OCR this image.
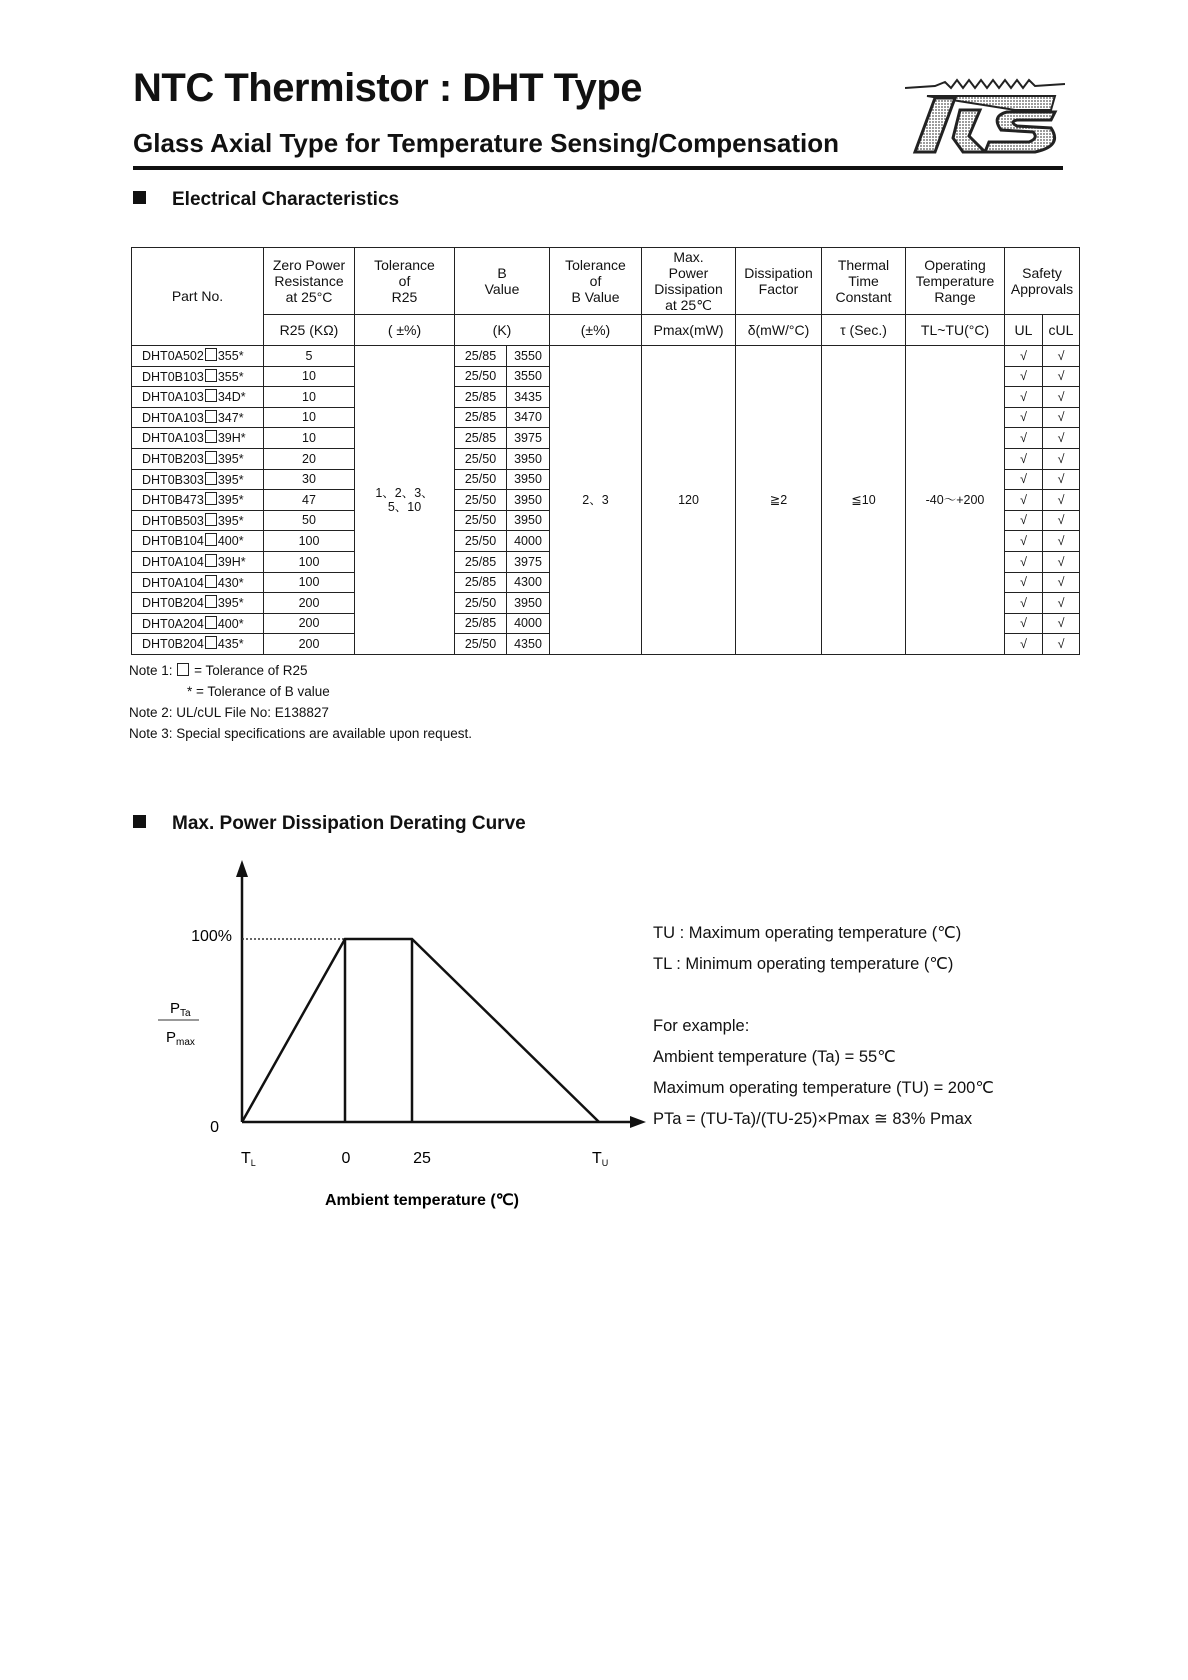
NTC Thermistor : DHT Type
Glass Axial Type for Temperature Sensing/Compensation
Electrical Characteristics
Part No.	Zero Power
Resistance
at 25°C	Tolerance
of
R25	B
Value		Tolerance
of
B Value	Max.
Power
Dissipation
at 25℃	Dissipation
Factor	Thermal
Time
Constant	Operating
Temperature
Range	Safety
Approvals	
	R25 (KΩ)	( ±%)	(K)		(±%)	Pmax(mW)	δ(mW/°C)	τ (Sec.)	TL~TU(°C)	UL	cUL
DHT0A502 355*	5	1、2、3、
5、10	25/85	3550	2、3	120	≧2	≦10	-40～+200	√	√
DHT0B103 355*	10		25/50	3550						√	√
DHT0A103 34D*	10		25/85	3435						√	√
DHT0A103 347*	10		25/85	3470						√	√
DHT0A103 39H*	10		25/85	3975						√	√
DHT0B203 395*	20		25/50	3950						√	√
DHT0B303 395*	30		25/50	3950						√	√
DHT0B473 395*	47		25/50	3950						√	√
DHT0B503 395*	50		25/50	3950						√	√
DHT0B104 400*	100		25/50	4000						√	√
DHT0A104 39H*	100		25/85	3975						√	√
DHT0A104 430*	100		25/85	4300						√	√
DHT0B204 395*	200		25/50	3950						√	√
DHT0A204 400*	200		25/85	4000						√	√
DHT0B204 435*	200		25/50	4350						√	√
Note 1: = Tolerance of R25
* = Tolerance of B value
Note 2: UL/cUL File No: E138827
Note 3: Special specifications are available upon request.
Max. Power Dissipation Derating Curve
100%
0
$P_{Ta}$
$P_{max}$
TL	0	25	TU
Ambient temperature (℃)
TU : Maximum operating temperature (℃)
TL : Minimum operating temperature (℃)
For example:
Ambient temperature (Ta) = 55℃
Maximum operating temperature (TU) = 200℃
PTa = (TU-Ta)/(TU-25)×Pmax ≅ 83% Pmax
